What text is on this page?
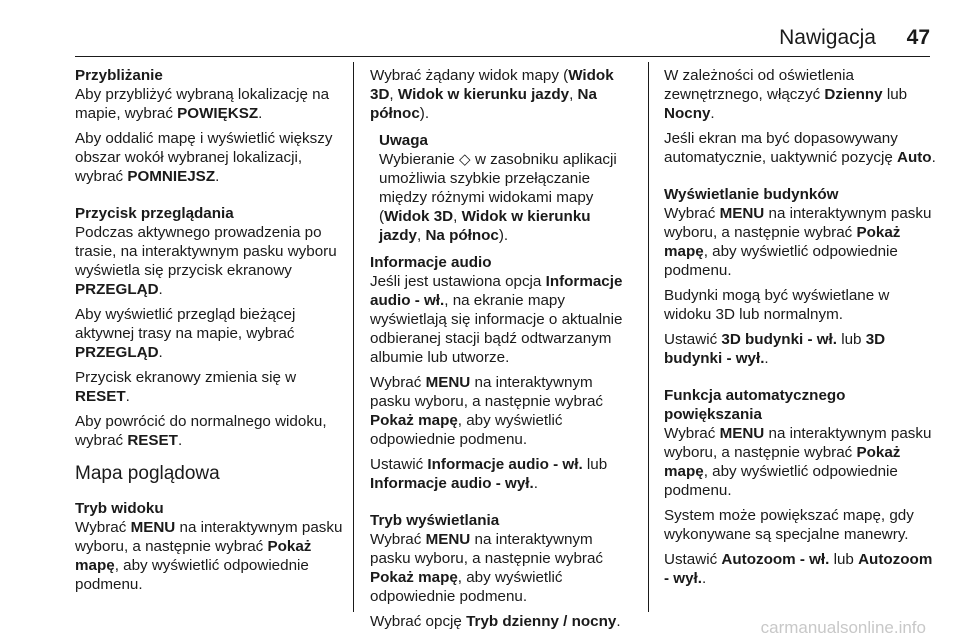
Nawigacja 47

Przybliżanie

Aby przybliżyć wybraną lokalizację na mapie, wybrać POWIĘKSZ.

Aby oddalić mapę i wyświetlić większy obszar wokół wybranej lokalizacji, wybrać POMNIEJSZ.

Przycisk przeglądania

Podczas aktywnego prowadzenia po trasie, na interaktywnym pasku wyboru wyświetla się przycisk ekranowy PRZEGLĄD.

Aby wyświetlić przegląd bieżącej aktywnej trasy na mapie, wybrać PRZEGLĄD.

Przycisk ekranowy zmienia się w RESET.

Aby powrócić do normalnego widoku, wybrać RESET.

Mapa poglądowa

Tryb widoku

Wybrać MENU na interaktywnym pasku wyboru, a następnie wybrać Pokaż mapę, aby wyświetlić odpowiednie podmenu.

Wybrać żądany widok mapy (Widok 3D, Widok w kierunku jazdy, Na północ).

Uwaga

Wybieranie ◇ w zasobniku aplikacji umożliwia szybkie przełączanie między różnymi widokami mapy (Widok 3D, Widok w kierunku jazdy, Na północ).

Informacje audio

Jeśli jest ustawiona opcja Informacje audio - wł., na ekranie mapy wyświetlają się informacje o aktualnie odbieranej stacji bądź odtwarzanym albumie lub utworze.

Wybrać MENU na interaktywnym pasku wyboru, a następnie wybrać Pokaż mapę, aby wyświetlić odpowiednie podmenu.

Ustawić Informacje audio - wł. lub Informacje audio - wył..

Tryb wyświetlania

Wybrać MENU na interaktywnym pasku wyboru, a następnie wybrać Pokaż mapę, aby wyświetlić odpowiednie podmenu.

Wybrać opcję Tryb dzienny / nocny.

W zależności od oświetlenia zewnętrznego, włączyć Dzienny lub Nocny.

Jeśli ekran ma być dopasowywany automatycznie, uaktywnić pozycję Auto.

Wyświetlanie budynków

Wybrać MENU na interaktywnym pasku wyboru, a następnie wybrać Pokaż mapę, aby wyświetlić odpowiednie podmenu.

Budynki mogą być wyświetlane w widoku 3D lub normalnym.

Ustawić 3D budynki - wł. lub 3D budynki - wył..

Funkcja automatycznego powiększania

Wybrać MENU na interaktywnym pasku wyboru, a następnie wybrać Pokaż mapę, aby wyświetlić odpowiednie podmenu.

System może powiększać mapę, gdy wykonywane są specjalne manewry.

Ustawić Autozoom - wł. lub Autozoom - wył..

carmanualsonline.info
